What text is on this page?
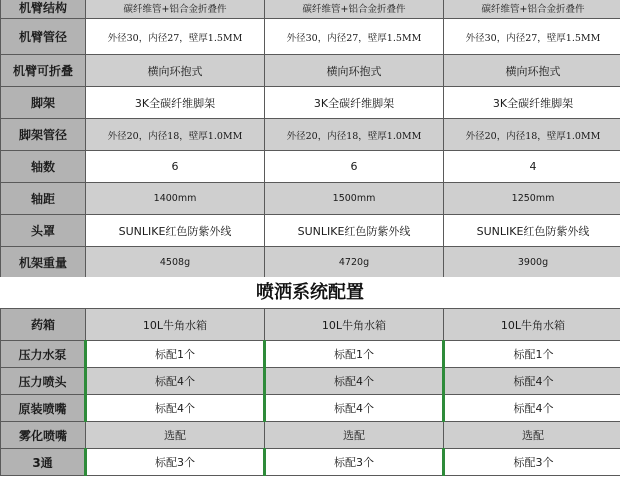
机臂结构	碳纤维管+铝合金折叠件	碳纤维管+铝合金折叠件	碳纤维管+铝合金折叠件
机臂管径	外径30，内径27，壁厚1.5MM	外径30，内径27，壁厚1.5MM	外径30，内径27，壁厚1.5MM
机臂可折叠	横向环抱式	横向环抱式	横向环抱式
脚架	3K全碳纤维脚架	3K全碳纤维脚架	3K全碳纤维脚架
脚架管径	外径20，内径18，壁厚1.0MM	外径20，内径18，壁厚1.0MM	外径20，内径18，壁厚1.0MM
轴数	6	6	4
轴距	1400mm	1500mm	1250mm
头罩	SUNLIKE红色防紫外线	SUNLIKE红色防紫外线	SUNLIKE红色防紫外线
机架重量	4508g	4720g	3900g
喷洒系统配置
药箱	10L牛角水箱	10L牛角水箱	10L牛角水箱
压力水泵	标配1个	标配1个	标配1个
压力喷头	标配4个	标配4个	标配4个
原装喷嘴	标配4个	标配4个	标配4个
雾化喷嘴	选配	选配	选配
3通	标配3个	标配3个	标配3个
